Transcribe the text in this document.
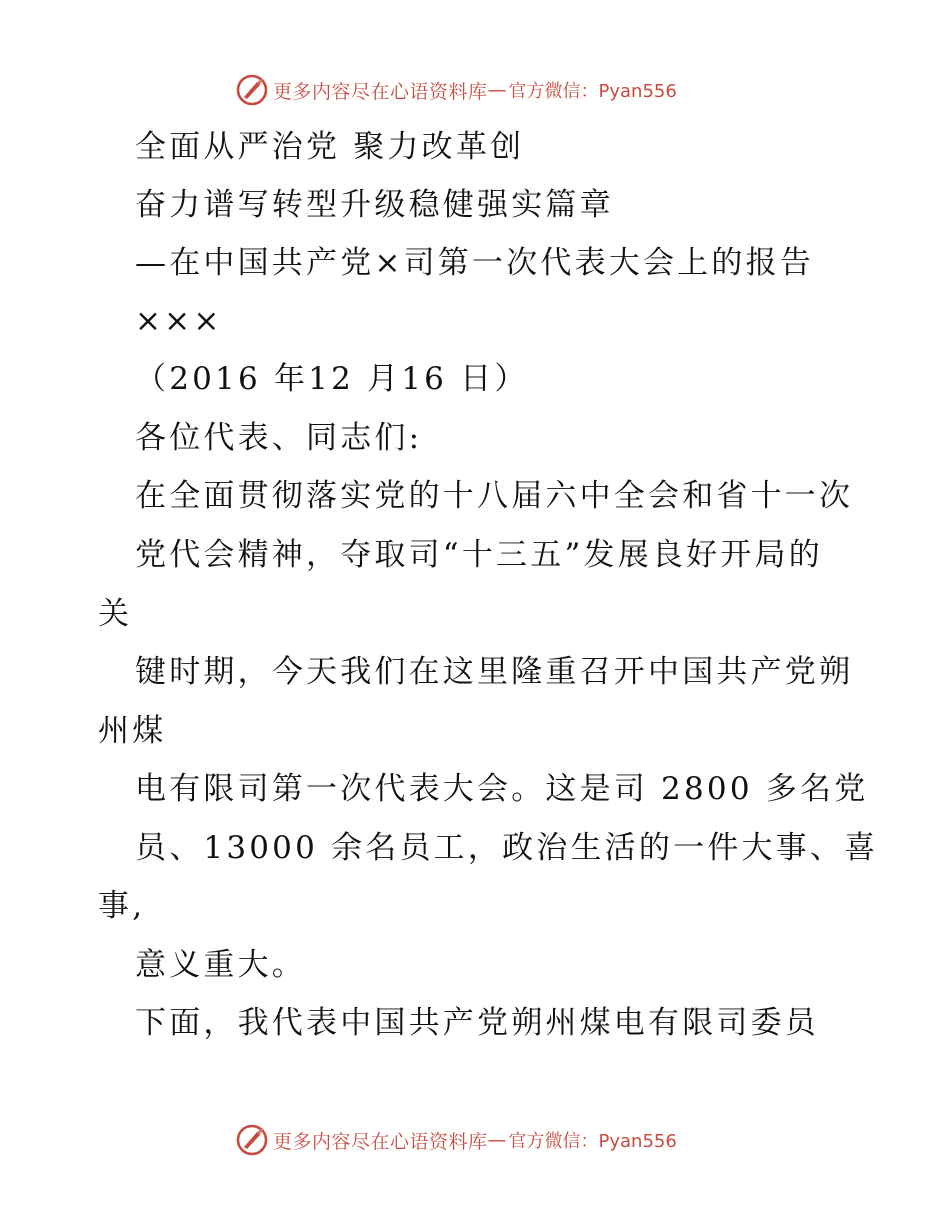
更多内容尽在心语资料库 — 官方微信：Pyan556
全面从严治党 聚力改革创
奋力谱写转型升级稳健强实篇章
—在中国共产党×司第一次代表大会上的报告
×××
（2016 年12 月16 日）
各位代表、同志们:
在全面贯彻落实党的十八届六中全会和省十一次
党代会精神，夺取司“十三五”发展良好开局的
关
键时期，今天我们在这里隆重召开中国共产党朔
州煤
电有限司第一次代表大会。这是司 2800 多名党
员、13000 余名员工，政治生活的一件大事、喜
事,
意义重大。
下面，我代表中国共产党朔州煤电有限司委员
更多内容尽在心语资料库 — 官方微信：Pyan556
